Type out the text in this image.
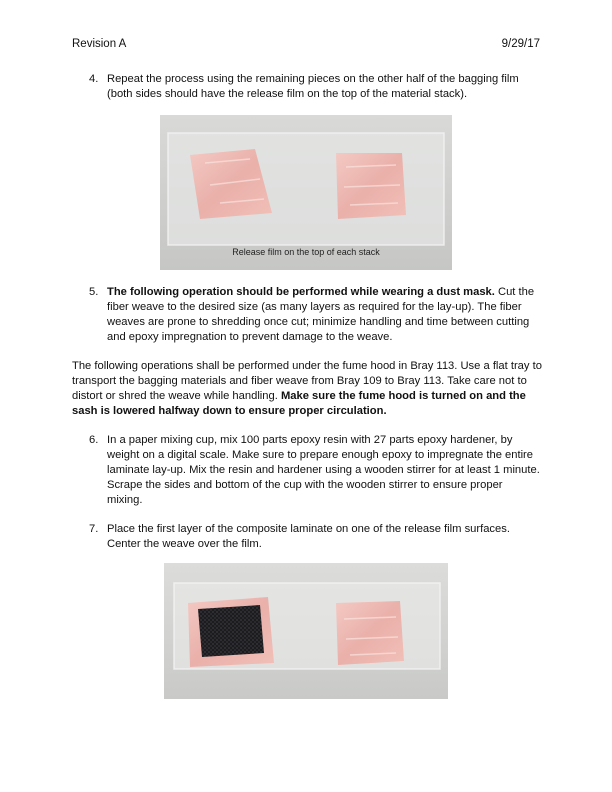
Revision A	9/29/17
4. Repeat the process using the remaining pieces on the other half of the bagging film (both sides should have the release film on the top of the material stack).
Release film on the top of each stack
5. The following operation should be performed while wearing a dust mask. Cut the fiber weave to the desired size (as many layers as required for the lay-up). The fiber weaves are prone to shredding once cut; minimize handling and time between cutting and epoxy impregnation to prevent damage to the weave.
The following operations shall be performed under the fume hood in Bray 113. Use a flat tray to transport the bagging materials and fiber weave from Bray 109 to Bray 113. Take care not to distort or shred the weave while handling. Make sure the fume hood is turned on and the sash is lowered halfway down to ensure proper circulation.
6. In a paper mixing cup, mix 100 parts epoxy resin with 27 parts epoxy hardener, by weight on a digital scale. Make sure to prepare enough epoxy to impregnate the entire laminate lay-up. Mix the resin and hardener using a wooden stirrer for at least 1 minute. Scrape the sides and bottom of the cup with the wooden stirrer to ensure proper mixing.
7. Place the first layer of the composite laminate on one of the release film surfaces. Center the weave over the film.
